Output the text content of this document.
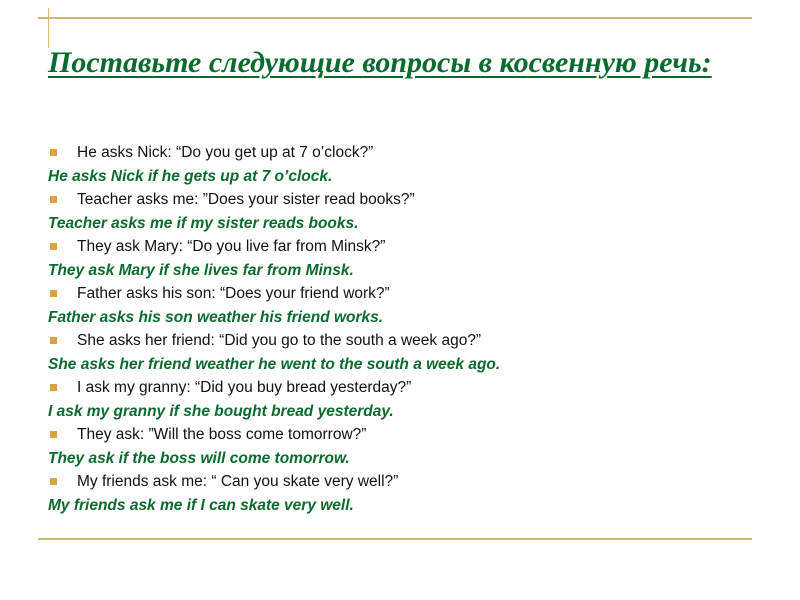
Поставьте следующие вопросы в косвенную речь:
He asks Nick: “Do you get up at 7 o’clock?”
He asks Nick if he gets up at 7 o’clock.
Teacher asks me: ”Does your sister read books?”
Teacher asks me if my sister reads books.
They ask Mary: “Do you live far from Minsk?”
They ask Mary if she lives far from Minsk.
Father asks his son: “Does your friend work?”
Father asks his son weather his friend works.
She asks her friend: “Did you go to the south a week ago?”
She asks her friend weather he went to the south a week ago.
I ask my granny: “Did you buy bread yesterday?”
I ask my granny if she bought bread yesterday.
They ask: ”Will the boss come tomorrow?”
They ask if the boss will come tomorrow.
My friends ask me: “ Can you skate very well?”
My friends ask me if I can skate very well.
